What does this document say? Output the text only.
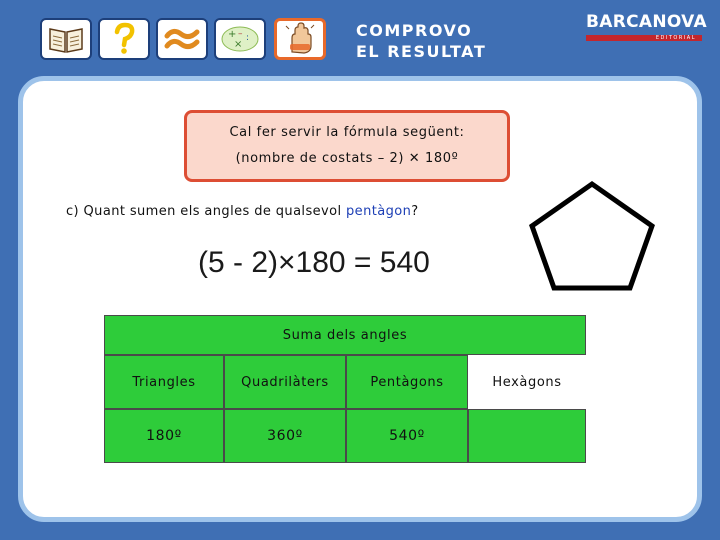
+ – :
×
COMPROVO
EL RESULTAT
BARCANOVA
EDITORIAL
Cal fer servir la fórmula següent:
(nombre de costats – 2) ✕ 180º
c) Quant sumen els angles de qualsevol pentàgon?
(5 - 2)×180 = 540
Suma dels angles
Triangles	Quadrilàters	Pentàgons	Hexàgons
180º	360º	540º
